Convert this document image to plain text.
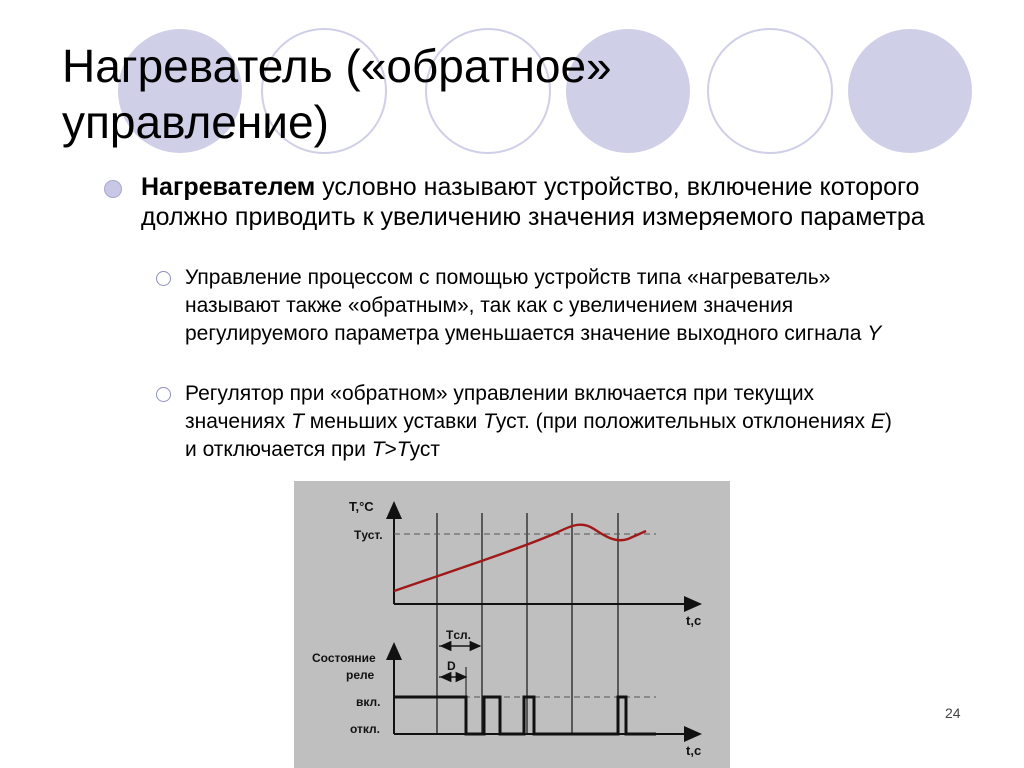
Нагреватель («обратное»
управление)
Нагревателем условно называют устройство, включение которого должно приводить к увеличению значения измеряемого параметра
Управление процессом с помощью устройств типа «нагреватель» называют также «обратным», так как с увеличением значения регулируемого параметра уменьшается значение выходного сигнала Y
Регулятор при «обратном» управлении включается при текущих значениях T меньших уставки Tуст. (при положительных отклонениях E) и отключается при T>Tуст
T,°C
Tуст.
t,c
Tсл.
D
Состояние
реле
вкл.
откл.
t,c
24
